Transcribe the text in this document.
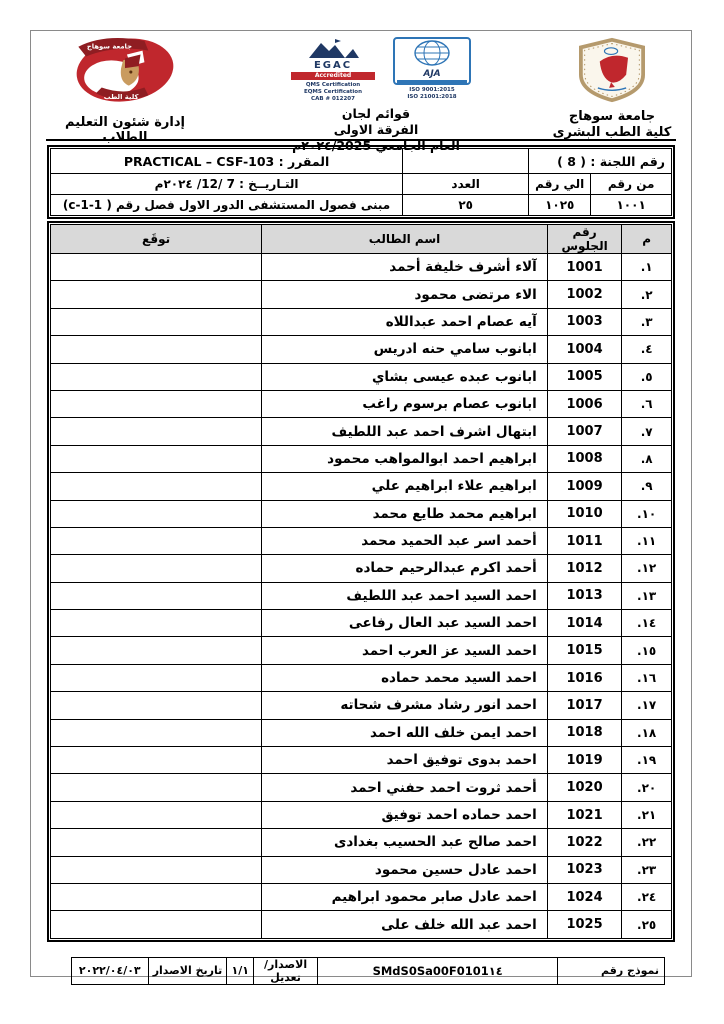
جامعة سوهاج
كلية الطب البشرى
EGAC
Accredited
QMS Certification
EQMS Certification
CAB # 012207
AJA
ISO 9001:2015
ISO 21001:2018
قوائم لجان
الفرقة الاولى
العام الجامعي ٢٠٢٤/2025م
جامعة سوهاج
كلية الطب
إدارة شئون التعليم الطلاب
رقم اللجنة : ( 8 )			المقرر : PRACTICAL – CSF-103
من رقم	الي رقم	العدد	التـاريــخ : 7 /12/ ٢٠٢٤م
١٠٠١	١٠٢٥	٢٥	مبنى فصول المستشفى الدور الاول فصل رقم ( c-1-1)
م	رقم الجلوس	اسم الطالب	توقَع
١.	1001	آلاء أشرف خليفة أحمد	
٢.	1002	الاء مرتضى محمود	
٣.	1003	آيه عصام احمد عبداللاه	
٤.	1004	ابانوب سامي حنه ادريس	
٥.	1005	ابانوب عبده عيسى بشاي	
٦.	1006	ابانوب عصام برسوم راغب	
٧.	1007	ابتهال اشرف احمد عبد اللطيف	
٨.	1008	ابراهيم احمد ابوالمواهب محمود	
٩.	1009	ابراهيم علاء ابراهيم علي	
١٠.	1010	ابراهيم محمد طايع محمد	
١١.	1011	أحمد اسر عبد الحميد محمد	
١٢.	1012	أحمد اكرم عبدالرحيم حماده	
١٣.	1013	احمد السيد احمد عبد اللطيف	
١٤.	1014	احمد السيد عبد العال رفاعى	
١٥.	1015	احمد السيد عز العرب احمد	
١٦.	1016	احمد السيد محمد حماده	
١٧.	1017	احمد انور رشاد مشرف شحاته	
١٨.	1018	احمد ايمن خلف الله احمد	
١٩.	1019	احمد بدوى توفيق احمد	
٢٠.	1020	أحمد ثروت احمد حفني احمد	
٢١.	1021	احمد حماده احمد توفيق	
٢٢.	1022	احمد صالح عبد الحسيب بغدادى	
٢٣.	1023	احمد عادل حسين محمود	
٢٤.	1024	احمد عادل صابر محمود ابراهيم	
٢٥.	1025	احمد عبد الله خلف على	
نموذج رقم	SMdS0Sa00F0101١٤	الاصدار/تعديل	١/١	تاريخ الاصدار	٢٠٢٢/٠٤/٠٣
